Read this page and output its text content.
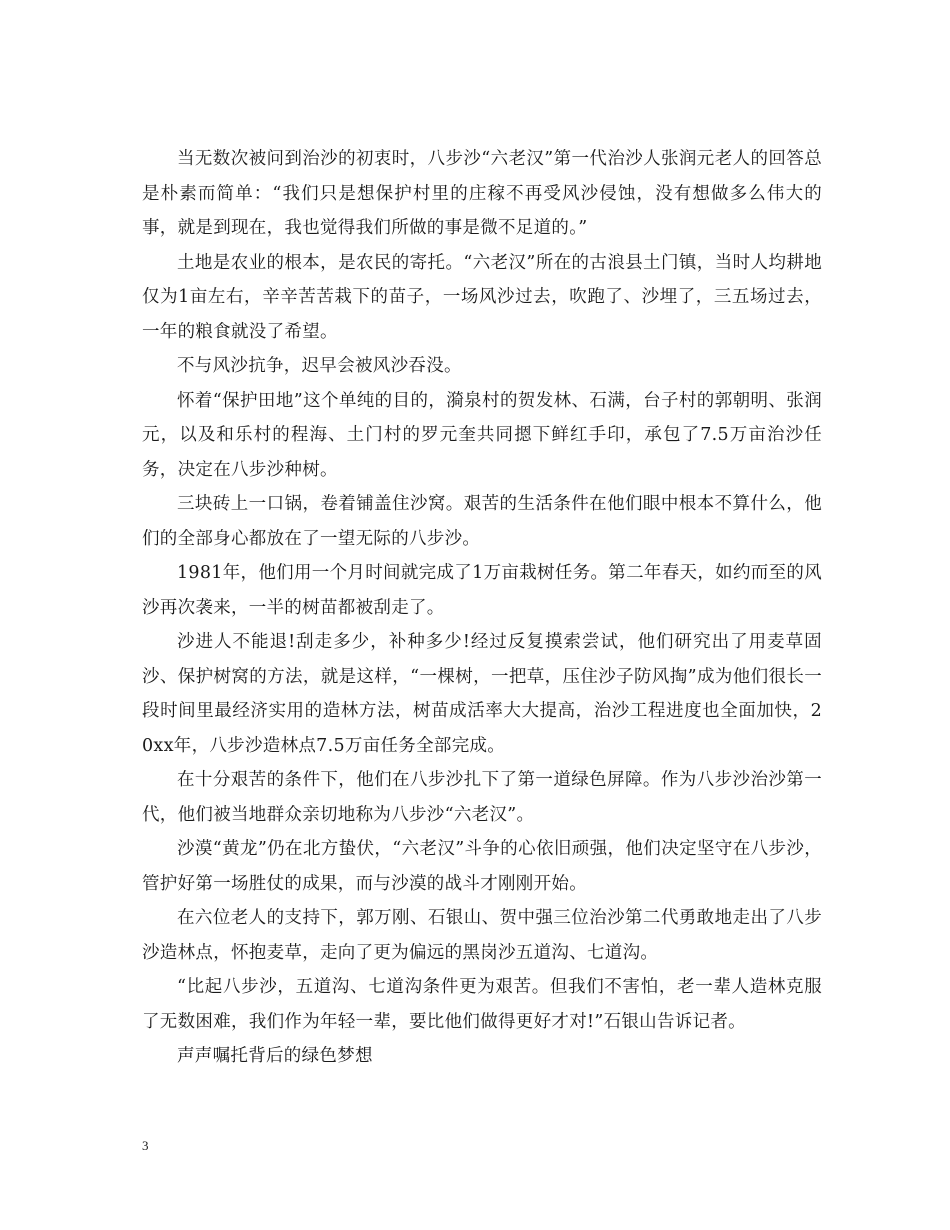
当无数次被问到治沙的初衷时，八步沙“六老汉”第一代治沙人张润元老人的回答总是朴素而简单：“我们只是想保护村里的庄稼不再受风沙侵蚀，没有想做多么伟大的事，就是到现在，我也觉得我们所做的事是微不足道的。”

土地是农业的根本，是农民的寄托。“六老汉”所在的古浪县土门镇，当时人均耕地仅为1亩左右，辛辛苦苦栽下的苗子，一场风沙过去，吹跑了、沙埋了，三五场过去，一年的粮食就没了希望。

不与风沙抗争，迟早会被风沙吞没。

怀着“保护田地”这个单纯的目的，漪泉村的贺发林、石满，台子村的郭朝明、张润元，以及和乐村的程海、土门村的罗元奎共同摁下鲜红手印，承包了7.5万亩治沙任务，决定在八步沙种树。

三块砖上一口锅，卷着铺盖住沙窝。艰苦的生活条件在他们眼中根本不算什么，他们的全部身心都放在了一望无际的八步沙。

1981年，他们用一个月时间就完成了1万亩栽树任务。第二年春天，如约而至的风沙再次袭来，一半的树苗都被刮走了。

沙进人不能退!刮走多少，补种多少!经过反复摸索尝试，他们研究出了用麦草固沙、保护树窝的方法，就是这样，“一棵树，一把草，压住沙子防风掏”成为他们很长一段时间里最经济实用的造林方法，树苗成活率大大提高，治沙工程进度也全面加快，20xx年，八步沙造林点7.5万亩任务全部完成。

在十分艰苦的条件下，他们在八步沙扎下了第一道绿色屏障。作为八步沙治沙第一代，他们被当地群众亲切地称为八步沙“六老汉”。

沙漠“黄龙”仍在北方蛰伏，“六老汉”斗争的心依旧顽强，他们决定坚守在八步沙，管护好第一场胜仗的成果，而与沙漠的战斗才刚刚开始。

在六位老人的支持下，郭万刚、石银山、贺中强三位治沙第二代勇敢地走出了八步沙造林点，怀抱麦草，走向了更为偏远的黑岗沙五道沟、七道沟。

“比起八步沙，五道沟、七道沟条件更为艰苦。但我们不害怕，老一辈人造林克服了无数困难，我们作为年轻一辈，要比他们做得更好才对!”石银山告诉记者。

声声嘱托背后的绿色梦想

3
